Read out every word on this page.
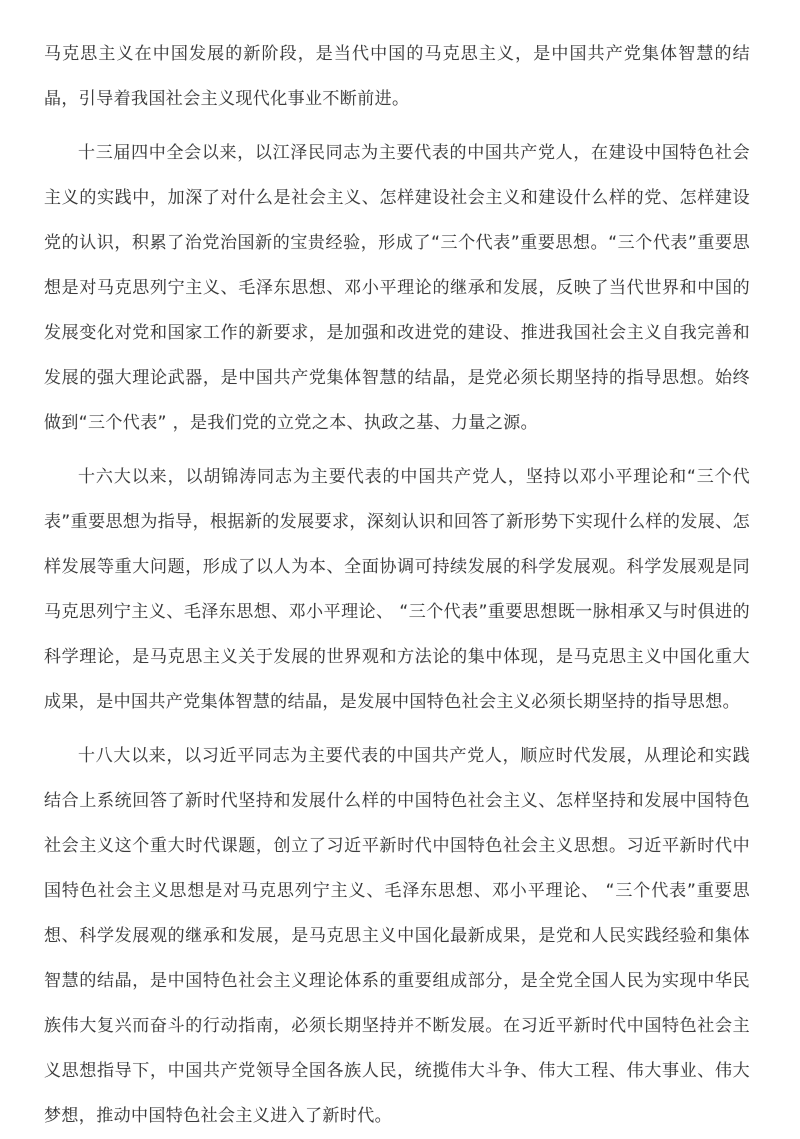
马克思主义在中国发展的新阶段，是当代中国的马克思主义，是中国共产党集体智慧的结晶，引导着我国社会主义现代化事业不断前进。

十三届四中全会以来，以江泽民同志为主要代表的中国共产党人，在建设中国特色社会主义的实践中，加深了对什么是社会主义、怎样建设社会主义和建设什么样的党、怎样建设党的认识，积累了治党治国新的宝贵经验，形成了“三个代表”重要思想。“三个代表”重要思想是对马克思列宁主义、毛泽东思想、邓小平理论的继承和发展，反映了当代世界和中国的发展变化对党和国家工作的新要求，是加强和改进党的建设、推进我国社会主义自我完善和发展的强大理论武器，是中国共产党集体智慧的结晶，是党必须长期坚持的指导思想。始终做到“三个代表” ，是我们党的立党之本、执政之基、力量之源。

十六大以来，以胡锦涛同志为主要代表的中国共产党人，坚持以邓小平理论和“三个代表”重要思想为指导，根据新的发展要求，深刻认识和回答了新形势下实现什么样的发展、怎样发展等重大问题，形成了以人为本、全面协调可持续发展的科学发展观。科学发展观是同马克思列宁主义、毛泽东思想、邓小平理论、 “三个代表”重要思想既一脉相承又与时俱进的科学理论，是马克思主义关于发展的世界观和方法论的集中体现，是马克思主义中国化重大成果，是中国共产党集体智慧的结晶，是发展中国特色社会主义必须长期坚持的指导思想。

十八大以来，以习近平同志为主要代表的中国共产党人，顺应时代发展，从理论和实践结合上系统回答了新时代坚持和发展什么样的中国特色社会主义、怎样坚持和发展中国特色社会主义这个重大时代课题，创立了习近平新时代中国特色社会主义思想。习近平新时代中国特色社会主义思想是对马克思列宁主义、毛泽东思想、邓小平理论、 “三个代表”重要思想、科学发展观的继承和发展，是马克思主义中国化最新成果，是党和人民实践经验和集体智慧的结晶，是中国特色社会主义理论体系的重要组成部分，是全党全国人民为实现中华民族伟大复兴而奋斗的行动指南，必须长期坚持并不断发展。在习近平新时代中国特色社会主义思想指导下，中国共产党领导全国各族人民，统揽伟大斗争、伟大工程、伟大事业、伟大梦想，推动中国特色社会主义进入了新时代。
